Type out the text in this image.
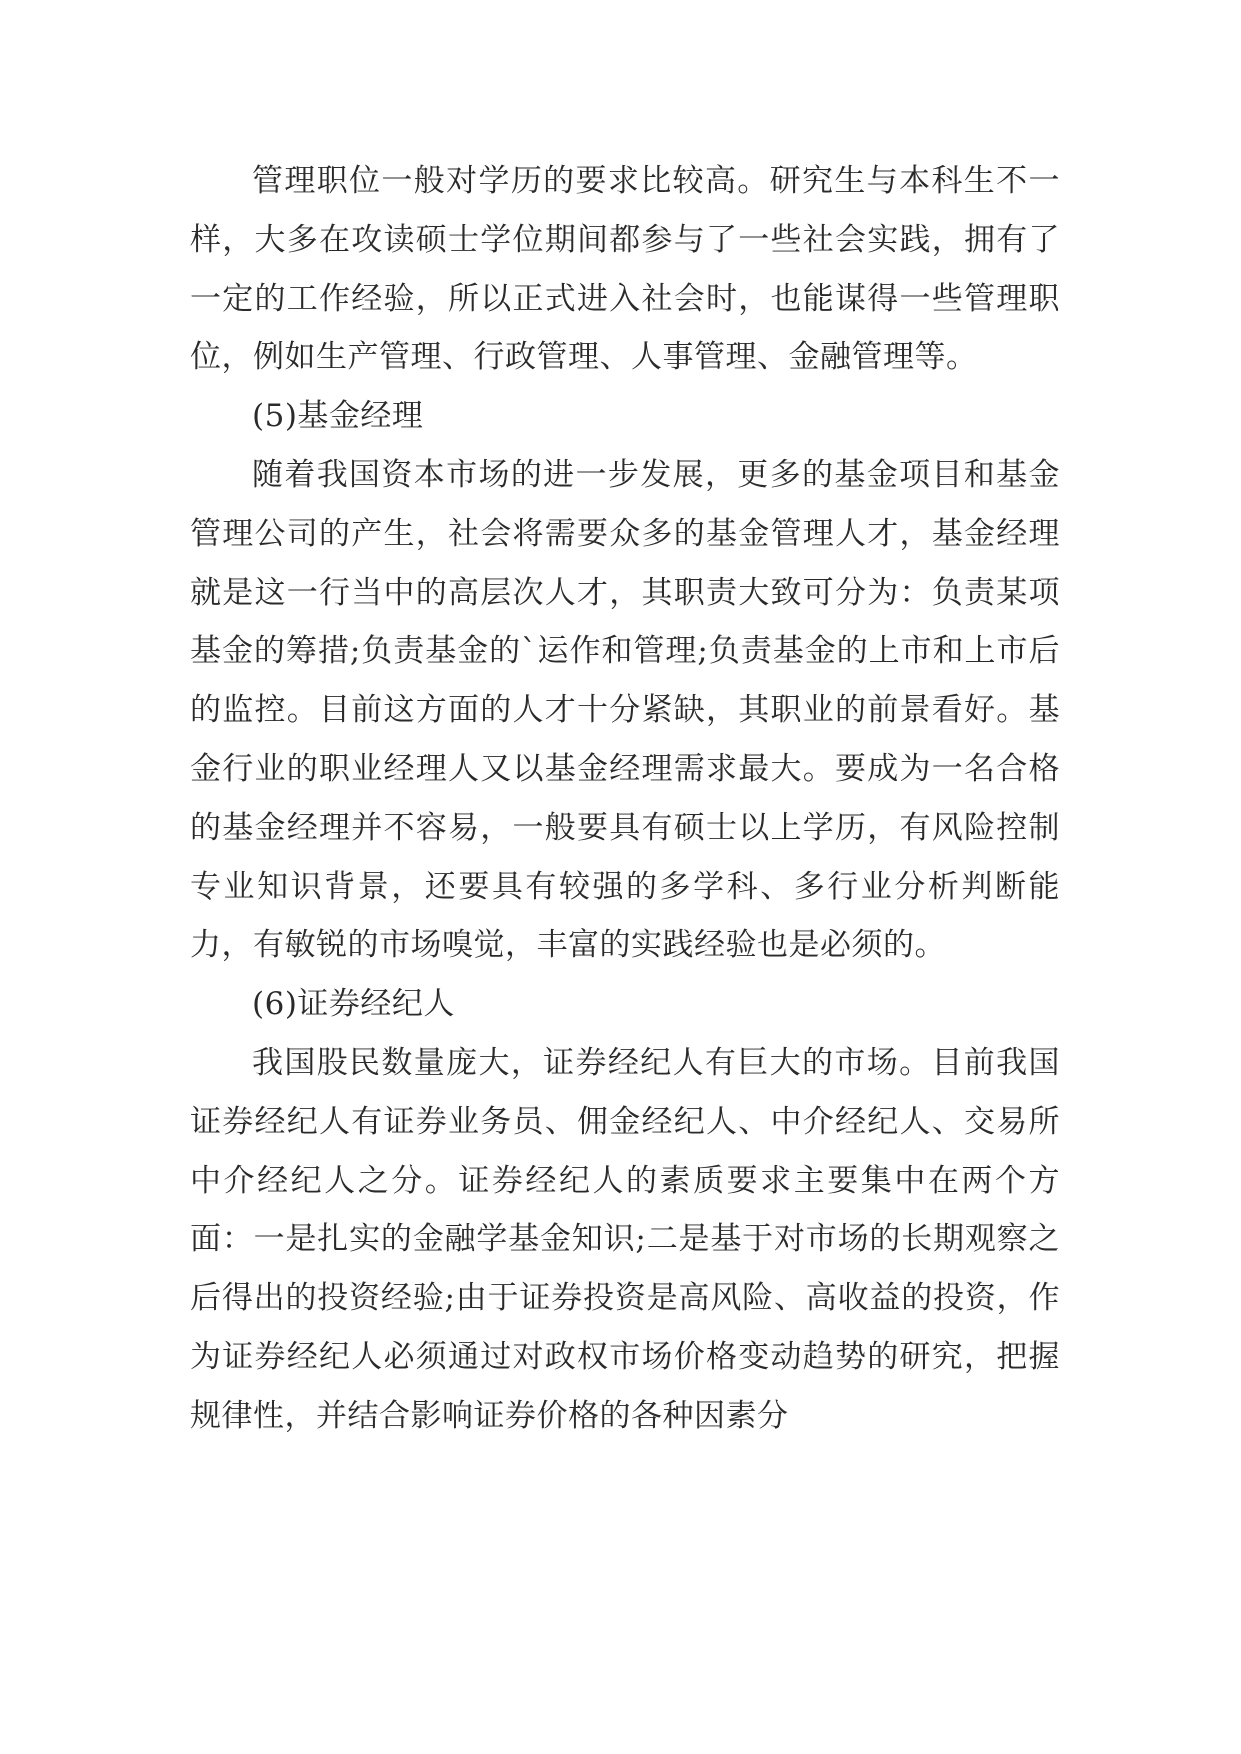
管理职位一般对学历的要求比较高。研究生与本科生不一样，大多在攻读硕士学位期间都参与了一些社会实践，拥有了一定的工作经验，所以正式进入社会时，也能谋得一些管理职位，例如生产管理、行政管理、人事管理、金融管理等。

(5)基金经理

随着我国资本市场的进一步发展，更多的基金项目和基金管理公司的产生，社会将需要众多的基金管理人才，基金经理就是这一行当中的高层次人才，其职责大致可分为：负责某项基金的筹措;负责基金的`运作和管理;负责基金的上市和上市后的监控。目前这方面的人才十分紧缺，其职业的前景看好。基金行业的职业经理人又以基金经理需求最大。要成为一名合格的基金经理并不容易，一般要具有硕士以上学历，有风险控制专业知识背景，还要具有较强的多学科、多行业分析判断能力，有敏锐的市场嗅觉，丰富的实践经验也是必须的。

(6)证券经纪人

我国股民数量庞大，证券经纪人有巨大的市场。目前我国证券经纪人有证券业务员、佣金经纪人、中介经纪人、交易所中介经纪人之分。证券经纪人的素质要求主要集中在两个方面：一是扎实的金融学基金知识;二是基于对市场的长期观察之后得出的投资经验;由于证券投资是高风险、高收益的投资，作为证券经纪人必须通过对政权市场价格变动趋势的研究，把握规律性，并结合影响证券价格的各种因素分
